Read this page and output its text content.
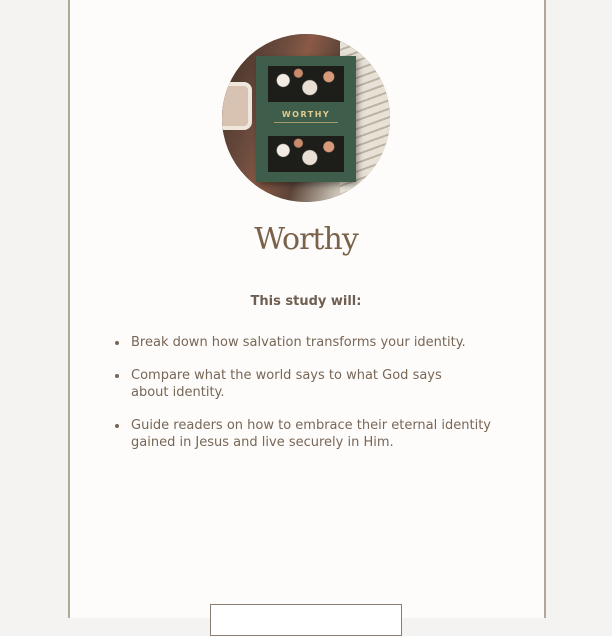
WORTHY
Worthy
This study will:
Break down how salvation transforms your identity.
Compare what the world says to what God says about identity.
Guide readers on how to embrace their eternal identity gained in Jesus and live securely in Him.
